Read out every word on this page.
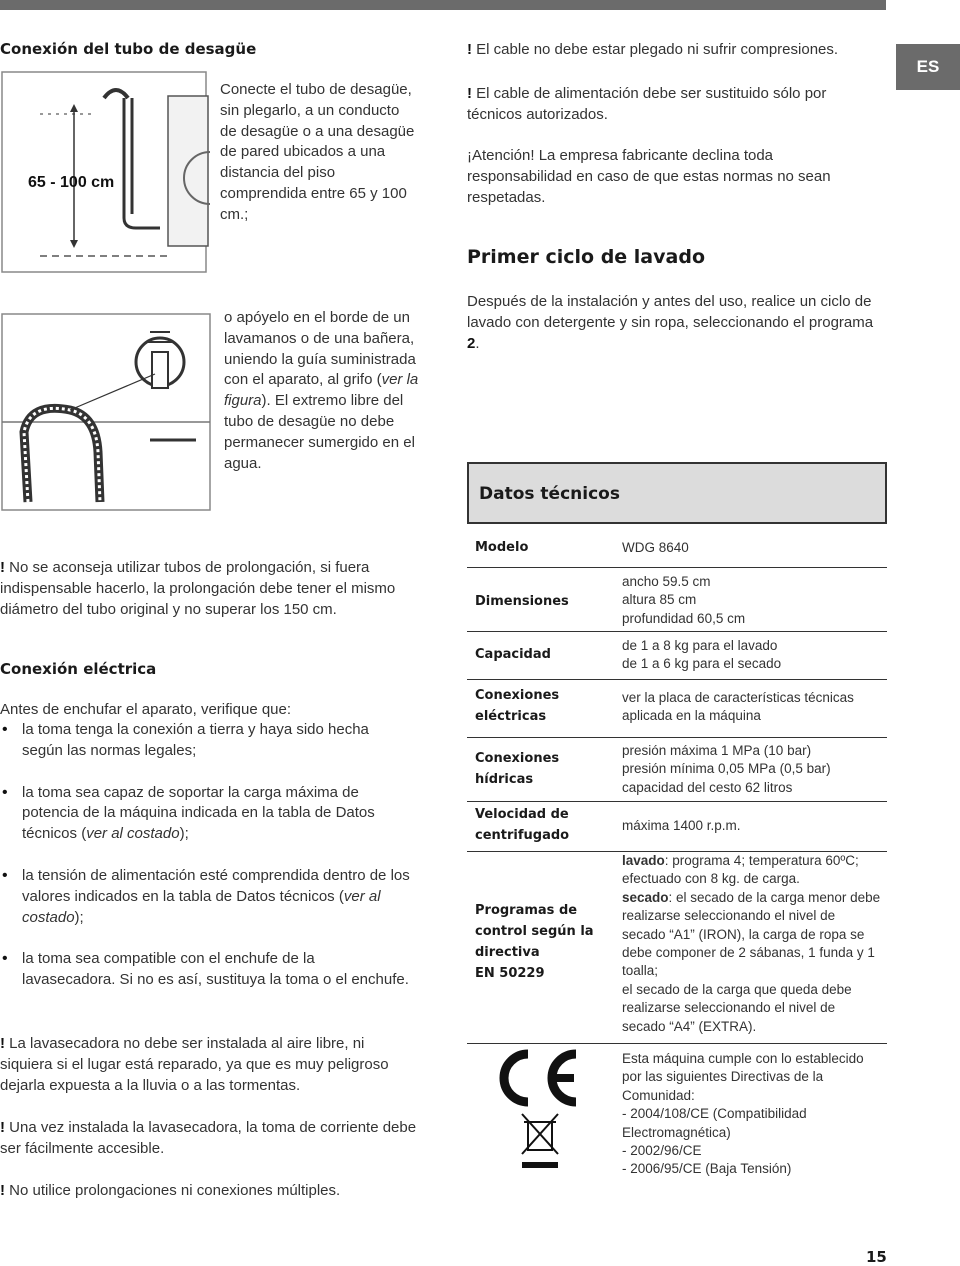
ES
Conexión del tubo de desagüe
65 - 100 cm
Conecte el tubo de desagüe, sin plegarlo, a un conducto de desagüe o a una desagüe de pared ubicados a una distancia del piso comprendida entre 65 y 100 cm.;
o apóyelo en el borde de un lavamanos o de una bañera, uniendo la guía suministrada con el aparato, al grifo (ver la figura). El extremo libre del tubo de desagüe no debe permanecer sumergido en el agua.
! No se aconseja utilizar tubos de prolongación, si fuera indispensable hacerlo, la prolongación debe tener el mismo diámetro del tubo original y no superar los 150 cm.
Conexión eléctrica
Antes de enchufar el aparato, verifique que:
• la toma tenga la conexión a tierra y haya sido hecha según las normas legales;
• la toma sea capaz de soportar la carga máxima de potencia de la máquina indicada en la tabla de Datos técnicos (ver al costado);
• la tensión de alimentación esté comprendida dentro de los valores indicados en la tabla de Datos técnicos (ver al costado);
• la toma sea compatible con el enchufe de la lavasecadora. Si no es así, sustituya la toma o el enchufe.
! La lavasecadora no debe ser instalada al aire libre, ni siquiera si el lugar está reparado, ya que es muy peligroso dejarla expuesta a la lluvia o a las tormentas.
! Una vez instalada la lavasecadora, la toma de corriente debe ser fácilmente accesible.
! No utilice prolongaciones ni conexiones múltiples.
! El cable no debe estar plegado ni sufrir compresiones.
! El cable de alimentación debe ser sustituido sólo por técnicos autorizados.
¡Atención! La empresa fabricante declina toda responsabilidad en caso de que estas normas no sean respetadas.
Primer ciclo de lavado
Después de la instalación y antes del uso, realice un ciclo de lavado con detergente y sin ropa, seleccionando el programa 2.
Datos técnicos
Modelo	WDG 8640
Dimensiones
ancho 59.5 cm
altura 85 cm
profundidad 60,5 cm
Capacidad
de 1 a 8 kg para el lavado
de 1 a 6 kg para el secado
Conexiones
eléctricas
ver la placa de características técnicas
aplicada en la máquina
Conexiones
hídricas
presión máxima 1 MPa (10 bar)
presión mínima 0,05 MPa (0,5 bar)
capacidad del cesto 62 litros
Velocidad de
centrifugado
máxima 1400 r.p.m.
Programas de
control según la
directiva
EN 50229
lavado: programa 4; temperatura 60ºC; efectuado con 8 kg. de carga.
secado: el secado de la carga menor debe realizarse seleccionando el nivel de secado “A1” (IRON), la carga de ropa se debe componer de 2 sábanas, 1 funda y 1 toalla;
el secado de la carga que queda debe realizarse seleccionando el nivel de secado “A4” (EXTRA).
Esta máquina cumple con lo establecido por las siguientes Directivas de la Comunidad:
- 2004/108/CE (Compatibilidad Electromagnética)
- 2002/96/CE
- 2006/95/CE (Baja Tensión)
15
